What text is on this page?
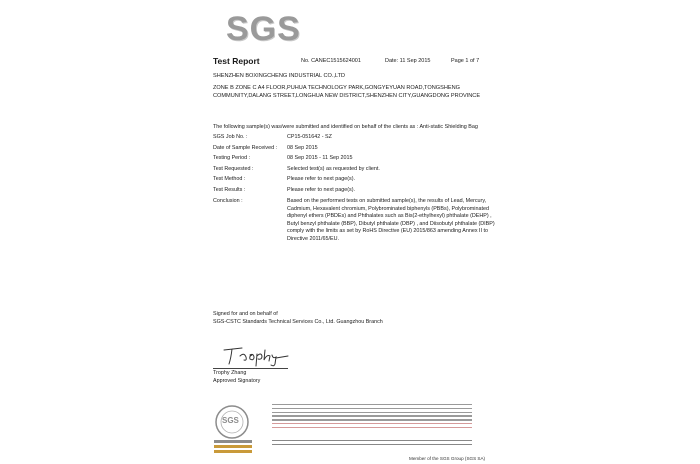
SGS
Test Report	No. CANEC1515624001	Date: 11 Sep 2015	Page 1 of 7
SHENZHEN BOXINGCHENG INDUSTRIAL CO.,LTD
ZONE B ZONE C A4 FLOOR,PUHUA TECHNOLOGY PARK,GONGYEYUAN ROAD,TONGSHENG
COMMUNITY,DALANG STREET,LONGHUA NEW DISTRICT,SHENZHEN CITY,GUANGDONG PROVINCE
The following sample(s) was/were submitted and identified on behalf of the clients as : Anti-static Shielding Bag
SGS Job No. :	CP15-051642 - SZ
Date of Sample Received : 08 Sep 2015
Testing Period :	08 Sep 2015 - 11 Sep 2015
Test Requested :	Selected test(s) as requested by client.
Test Method :	Please refer to next page(s).
Test Results :	Please refer to next page(s).
Conclusion :	Based on the performed tests on submitted sample(s), the results of Lead, Mercury, Cadmium, Hexavalent chromium, Polybrominated biphenyls (PBBs), Polybrominated diphenyl ethers (PBDEs) and Phthalates such as Bis(2-ethylhexyl) phthalate (DEHP) , Butyl benzyl phthalate (BBP), Dibutyl phthalate (DBP) , and Diisobutyl phthalate (DIBP) comply with the limits as set by RoHS Directive (EU) 2015/863 amending Annex II to Directive 2011/65/EU.
Signed for and on behalf of
SGS-CSTC Standards Technical Services Co., Ltd. Guangzhou Branch
Trophy Zhang
Approved Signatory
SGS
Member of the SGS Group (SGS SA)
